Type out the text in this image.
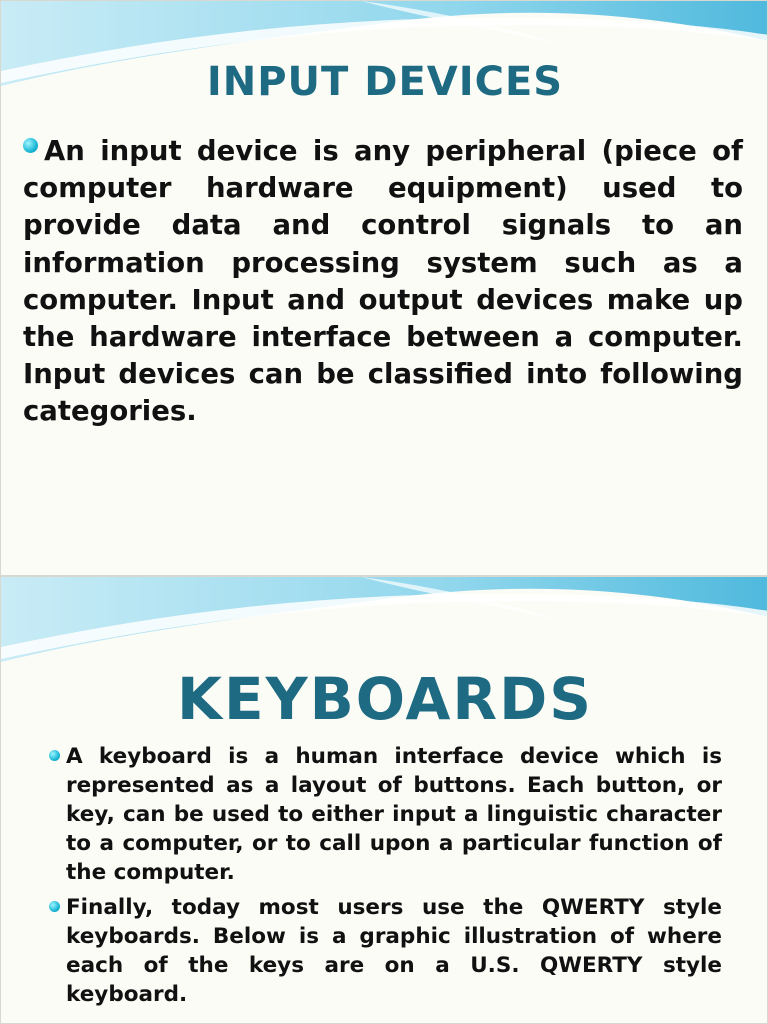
INPUT DEVICES

An input device is any peripheral (piece of computer hardware equipment) used to provide data and control signals to an information processing system such as a computer. Input and output devices make up the hardware interface between a computer. Input devices can be classified into following categories.

KEYBOARDS
A keyboard is a human interface device which is represented as a layout of buttons. Each button, or key, can be used to either input a linguistic character to a computer, or to call upon a particular function of the computer.
Finally, today most users use the QWERTY style keyboards. Below is a graphic illustration of where each of the keys are on a U.S. QWERTY style keyboard.
